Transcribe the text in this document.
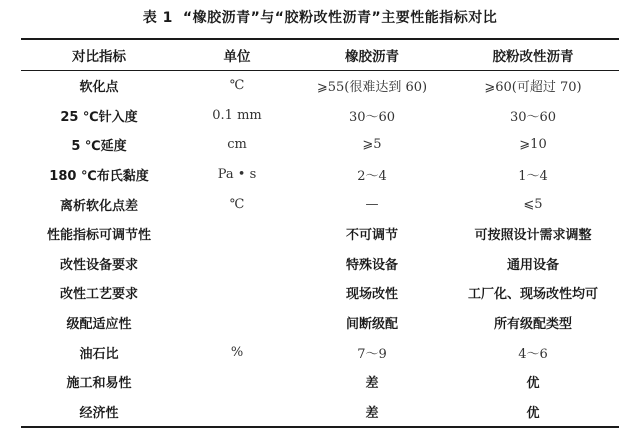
表 1 “橡胶沥青”与“胶粉改性沥青”主要性能指标对比
对比指标	单位	橡胶沥青	胶粉改性沥青
软化点	℃	⩾55(很难达到 60)	⩾60(可超过 70)
25 ℃针入度	0.1 mm	30～60	30～60
5 ℃延度	cm	⩾5	⩾10
180 ℃布氏黏度	Pa • s	2～4	1～4
离析软化点差	℃	—	⩽5
性能指标可调节性		不可调节	可按照设计需求调整
改性设备要求		特殊设备	通用设备
改性工艺要求		现场改性	工厂化、现场改性均可
级配适应性		间断级配	所有级配类型
油石比	%	7～9	4～6
施工和易性		差	优
经济性		差	优
